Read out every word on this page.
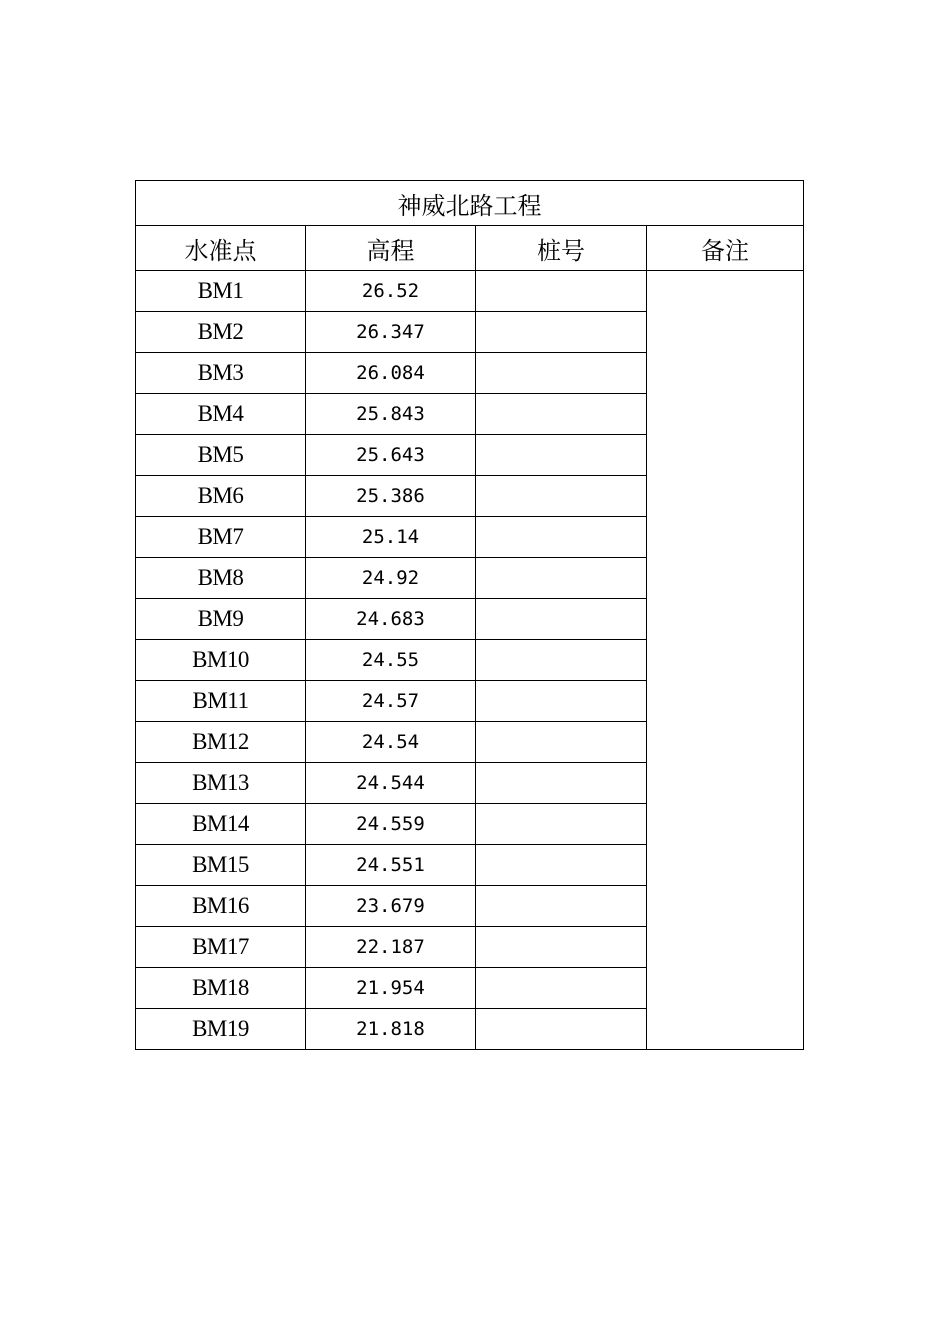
神威北路工程			
水准点	高程	桩号	备注
BM1	26.52		
BM2	26.347		
BM3	26.084		
BM4	25.843		
BM5	25.643		
BM6	25.386		
BM7	25.14		
BM8	24.92		
BM9	24.683		
BM10	24.55		
BM11	24.57		
BM12	24.54		
BM13	24.544		
BM14	24.559		
BM15	24.551		
BM16	23.679		
BM17	22.187		
BM18	21.954		
BM19	21.818		
